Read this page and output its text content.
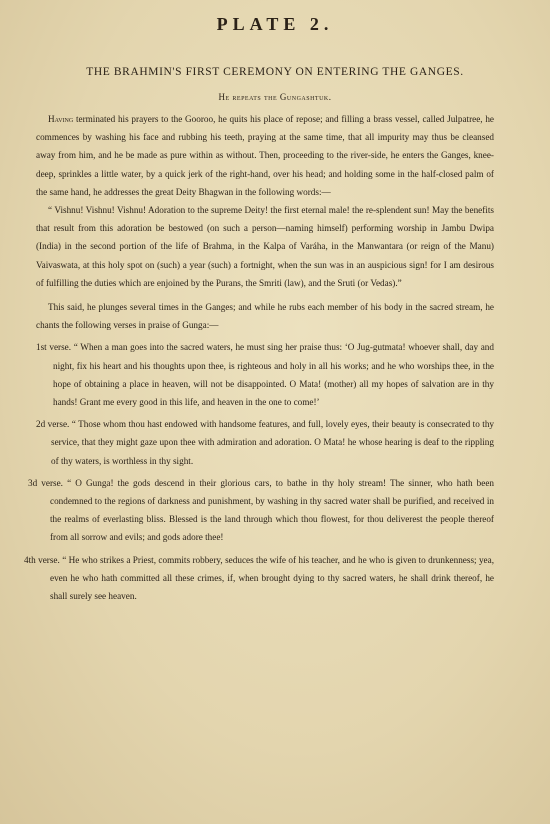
PLATE 2.
THE BRAHMIN'S FIRST CEREMONY ON ENTERING THE GANGES.
He repeats the Gungashtuk.

Having terminated his prayers to the Gooroo, he quits his place of repose; and filling a brass vessel, called Julpatree, he commences by washing his face and rubbing his teeth, praying at the same time, that all impurity may thus be cleansed away from him, and he be made as pure within as without. Then, proceeding to the river-side, he enters the Ganges, knee-deep, sprinkles a little water, by a quick jerk of the right-hand, over his head; and holding some in the half-closed palm of the same hand, he addresses the great Deity Bhagwan in the following words:—

“ Vishnu! Vishnu! Vishnu! Adoration to the supreme Deity! the first eternal male! the re-splendent sun! May the benefits that result from this adoration be bestowed (on such a person—naming himself) performing worship in Jambu Dwipa (India) in the second portion of the life of Brahma, in the Kalpa of Varáha, in the Manwantara (or reign of the Manu) Vaivaswata, at this holy spot on (such) a year (such) a fortnight, when the sun was in an auspicious sign! for I am desirous of fulfilling the duties which are enjoined by the Purans, the Smriti (law), and the Sruti (or Vedas).”

This said, he plunges several times in the Ganges; and while he rubs each member of his body in the sacred stream, he chants the following verses in praise of Gunga:—

1st verse. “ When a man goes into the sacred waters, he must sing her praise thus: ‘O Jug-gutmata! whoever shall, day and night, fix his heart and his thoughts upon thee, is righteous and holy in all his works; and he who worships thee, in the hope of obtaining a place in heaven, will not be disappointed. O Mata! (mother) all my hopes of salvation are in thy hands! Grant me every good in this life, and heaven in the one to come!’

2d verse. “ Those whom thou hast endowed with handsome features, and full, lovely eyes, their beauty is consecrated to thy service, that they might gaze upon thee with admiration and adoration. O Mata! he whose hearing is deaf to the rippling of thy waters, is worthless in thy sight.

3d verse. “ O Gunga! the gods descend in their glorious cars, to bathe in thy holy stream! The sinner, who hath been condemned to the regions of darkness and punishment, by washing in thy sacred water shall be purified, and received in the realms of everlasting bliss. Blessed is the land through which thou flowest, for thou deliverest the people thereof from all sorrow and evils; and gods adore thee!

4th verse. “ He who strikes a Priest, commits robbery, seduces the wife of his teacher, and he who is given to drunkenness; yea, even he who hath committed all these crimes, if, when brought dying to thy sacred waters, he shall drink thereof, he shall surely see heaven.
